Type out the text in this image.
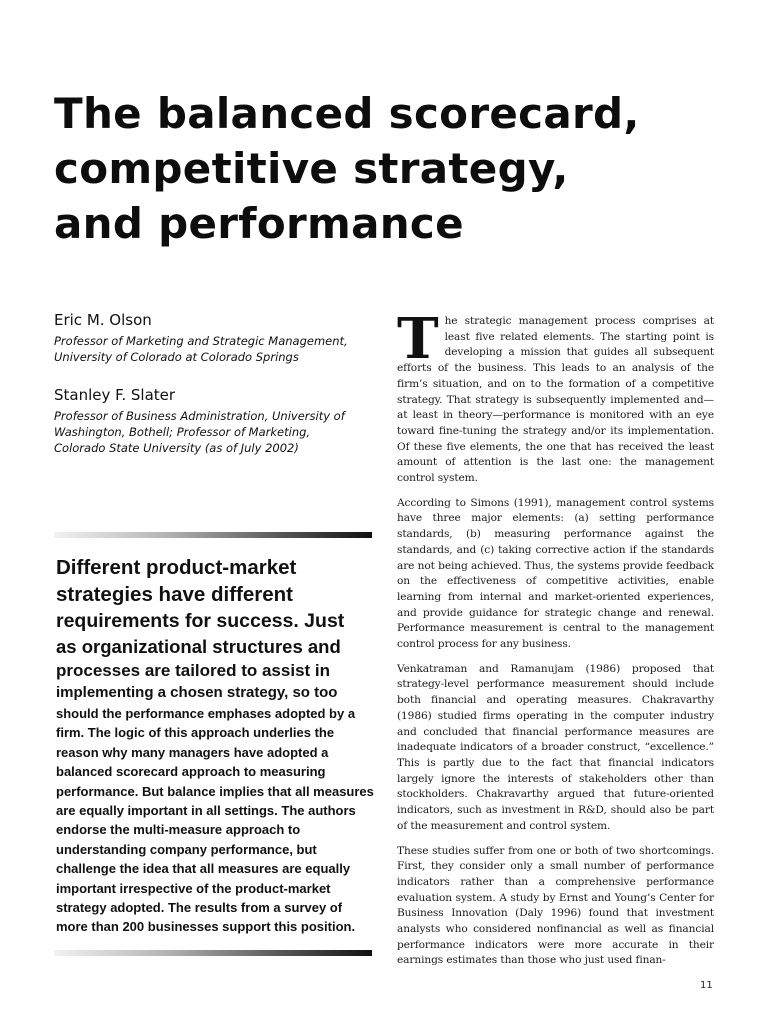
The balanced scorecard,
competitive strategy,
and performance

Eric M. Olson

Professor of Marketing and Strategic Management, University of Colorado at Colorado Springs

Stanley F. Slater

Professor of Business Administration, University of Washington, Bothell; Professor of Marketing, Colorado State University (as of July 2002)

Different product-market
strategies have different
requirements for success. Just
as organizational structures and
processes are tailored to assist in
implementing a chosen strategy, so too

should the performance emphases adopted by a firm. The logic of this approach underlies the reason why many managers have adopted a balanced scorecard approach to measuring performance. But balance implies that all measures are equally important in all settings. The authors endorse the multi-measure approach to understanding company performance, but challenge the idea that all measures are equally important irrespective of the product-market strategy adopted. The results from a survey of more than 200 businesses support this position.

The strategic management process comprises at least five related elements. The starting point is developing a mission that guides all subsequent efforts of the business. This leads to an analysis of the firm’s situation, and on to the formation of a competitive strategy. That strategy is subsequently implemented and—at least in theory—performance is monitored with an eye toward fine-tuning the strategy and/or its implementation. Of these five elements, the one that has received the least amount of attention is the last one: the management control system.

According to Simons (1991), management control systems have three major elements: (a) setting performance standards, (b) measuring performance against the standards, and (c) taking corrective action if the standards are not being achieved. Thus, the systems provide feedback on the effectiveness of competitive activities, enable learning from internal and market-oriented experiences, and provide guidance for strategic change and renewal. Performance measurement is central to the management control process for any business.

Venkatraman and Ramanujam (1986) proposed that strategy-level performance measurement should include both financial and operating measures. Chakravarthy (1986) studied firms operating in the computer industry and concluded that financial performance measures are inadequate indicators of a broader construct, “excellence.” This is partly due to the fact that financial indicators largely ignore the interests of stakeholders other than stockholders. Chakravarthy argued that future-oriented indicators, such as investment in R&D, should also be part of the measurement and control system.

These studies suffer from one or both of two shortcomings. First, they consider only a small number of performance indicators rather than a comprehensive performance evaluation system. A study by Ernst and Young’s Center for Business Innovation (Daly 1996) found that investment analysts who considered nonfinancial as well as financial performance indicators were more accurate in their earnings estimates than those who just used finan-

11
